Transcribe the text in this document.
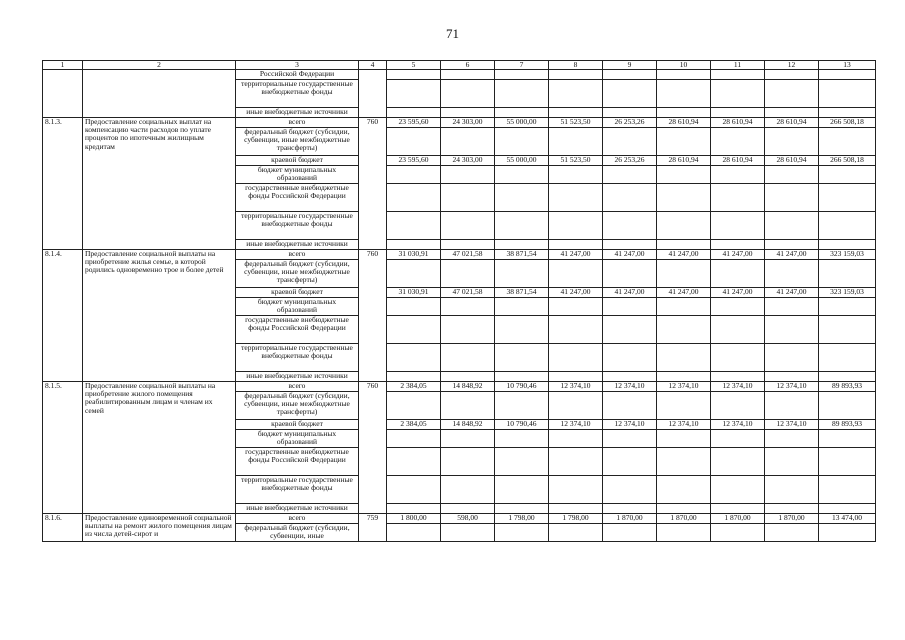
71
1	2	3	4	5	6	7	8	9	10	11	12	13
		Российской Федерации										
		территориальные государственные внебюджетные фонды										
		иные внебюджетные источники										
8.1.3.	Предоставление социальных выплат на компенсацию части расходов по уплате процентов по ипотечным жилищным кредитам	всего	760	23 595,60	24 303,00	55 000,00	51 523,50	26 253,26	28 610,94	28 610,94	28 610,94	266 508,18
		федеральный бюджет (субсидии, субвенции, иные межбюджетные трансферты)										
		краевой бюджет		23 595,60	24 303,00	55 000,00	51 523,50	26 253,26	28 610,94	28 610,94	28 610,94	266 508,18
		бюджет муниципальных образований										
		государственные внебюджетные фонды Российской Федерации										
		территориальные государственные внебюджетные фонды										
		иные внебюджетные источники										
8.1.4.	Предоставление социальной выплаты на приобретение жилья семье, в которой родились одновременно трое и более детей	всего	760	31 030,91	47 021,58	38 871,54	41 247,00	41 247,00	41 247,00	41 247,00	41 247,00	323 159,03
		федеральный бюджет (субсидии, субвенции, иные межбюджетные трансферты)										
		краевой бюджет		31 030,91	47 021,58	38 871,54	41 247,00	41 247,00	41 247,00	41 247,00	41 247,00	323 159,03
		бюджет муниципальных образований										
		государственные внебюджетные фонды Российской Федерации										
		территориальные государственные внебюджетные фонды										
		иные внебюджетные источники										
8.1.5.	Предоставление социальной выплаты на приобретение жилого помещения реабилитированным лицам и членам их семей	всего	760	2 384,05	14 848,92	10 790,46	12 374,10	12 374,10	12 374,10	12 374,10	12 374,10	89 893,93
		федеральный бюджет (субсидии, субвенции, иные межбюджетные трансферты)										
		краевой бюджет		2 384,05	14 848,92	10 790,46	12 374,10	12 374,10	12 374,10	12 374,10	12 374,10	89 893,93
		бюджет муниципальных образований										
		государственные внебюджетные фонды Российской Федерации										
		территориальные государственные внебюджетные фонды										
		иные внебюджетные источники										
8.1.6.	Предоставление единовременной социальной выплаты на ремонт жилого помещения лицам из числа детей-сирот и	всего	759	1 800,00	598,00	1 798,00	1 798,00	1 870,00	1 870,00	1 870,00	1 870,00	13 474,00
		федеральный бюджет (субсидии, субвенции, иные										
